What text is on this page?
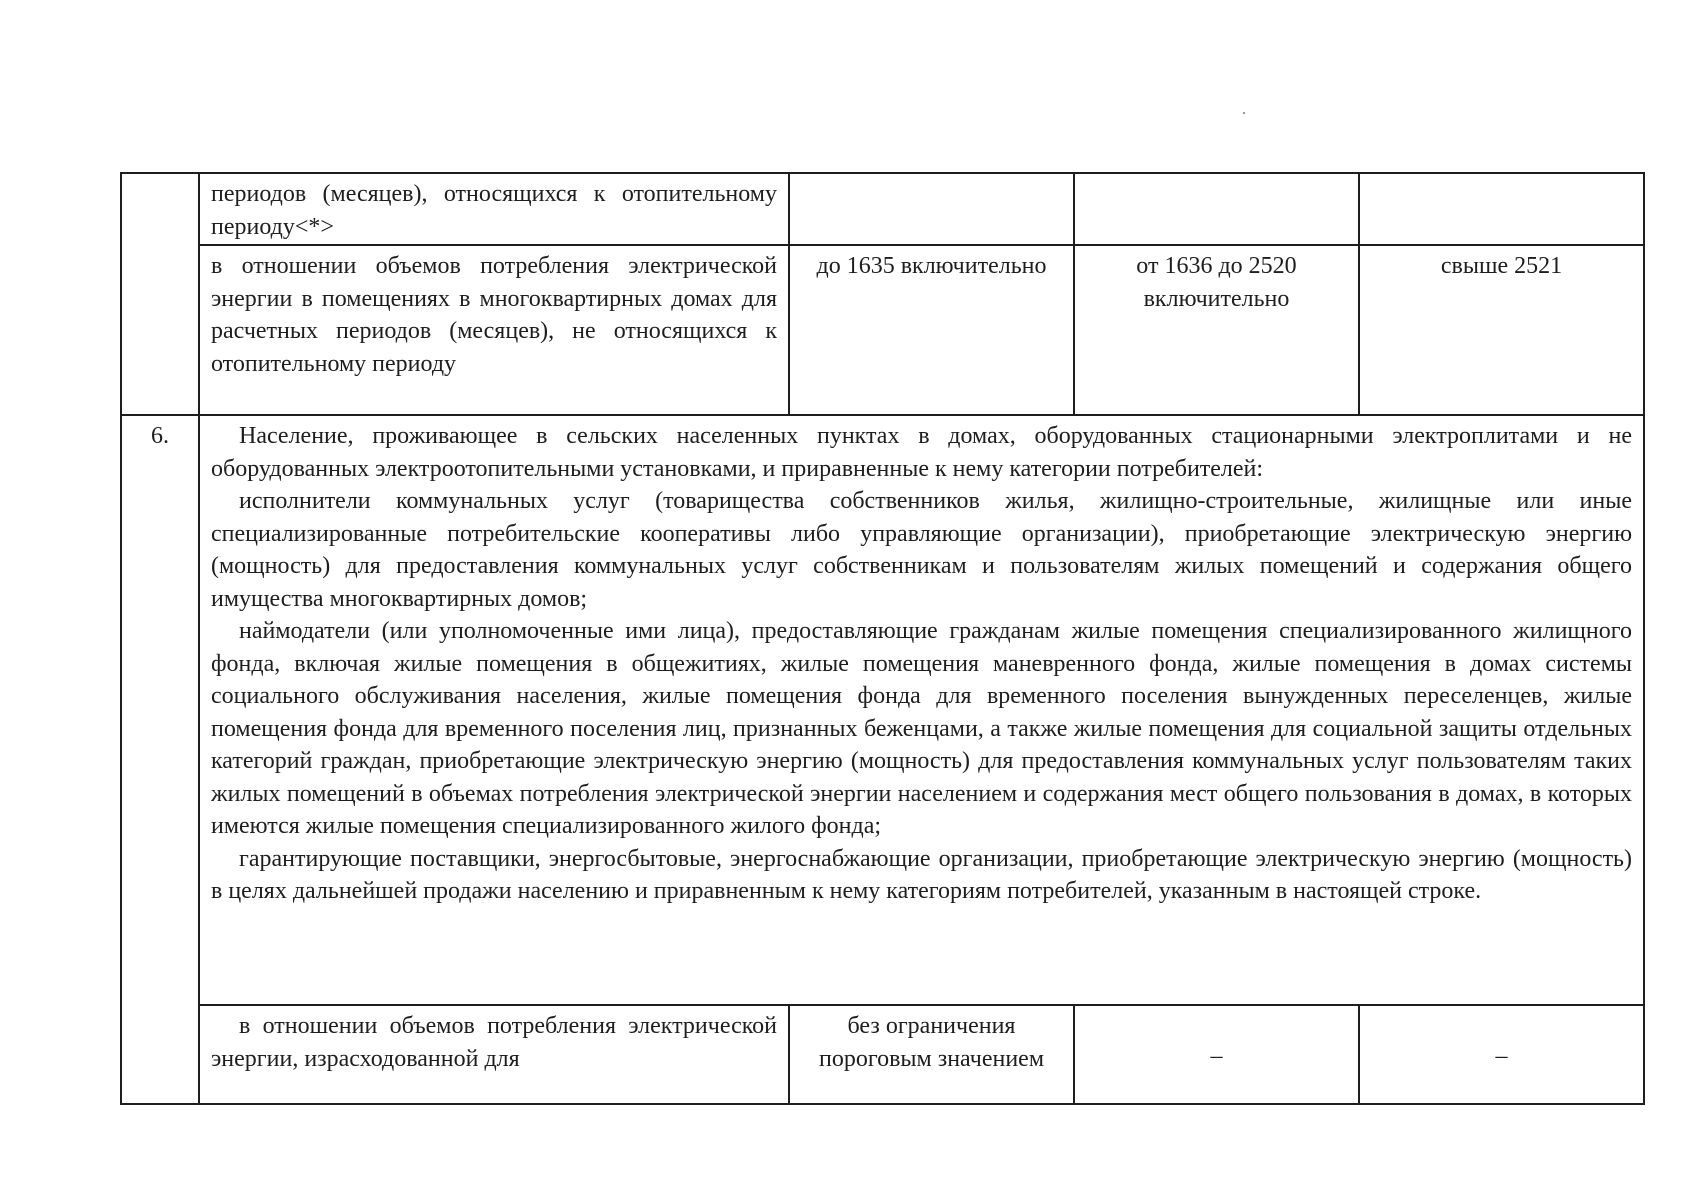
	периодов (месяцев), относящихся к отопительному периоду<*>			
	в отношении объемов потребления электрической энергии в помещениях в многоквартирных домах для расчетных периодов (месяцев), не относящихся к отопительному периоду	до 1635 включительно	от 1636 до 2520 включительно	свыше 2521
6.	Население, проживающее в сельских населенных пунктах в домах, оборудованных стационарными электроплитами и не оборудованных электроотопительными установками, и приравненные к нему категории потребителей:

исполнители коммунальных услуг (товарищества собственников жилья, жилищно-строительные, жилищные или иные специализированные потребительские кооперативы либо управляющие организации), приобретающие электрическую энергию (мощность) для предоставления коммунальных услуг собственникам и пользователям жилых помещений и содержания общего имущества многоквартирных домов;

наймодатели (или уполномоченные ими лица), предоставляющие гражданам жилые помещения специализированного жилищного фонда, включая жилые помещения в общежитиях, жилые помещения маневренного фонда, жилые помещения в домах системы социального обслуживания населения, жилые помещения фонда для временного поселения вынужденных переселенцев, жилые помещения фонда для временного поселения лиц, признанных беженцами, а также жилые помещения для социальной защиты отдельных категорий граждан, приобретающие электрическую энергию (мощность) для предоставления коммунальных услуг пользователям таких жилых помещений в объемах потребления электрической энергии населением и содержания мест общего пользования в домах, в которых имеются жилые помещения специализированного жилого фонда;

гарантирующие поставщики, энергосбытовые, энергоснабжающие организации, приобретающие электрическую энергию (мощность) в целях дальнейшей продажи населению и приравненным к нему категориям потребителей, указанным в настоящей строке.			

	в отношении объемов потребления электрической энергии, израсходованной для	без ограничения пороговым значением	–	–
